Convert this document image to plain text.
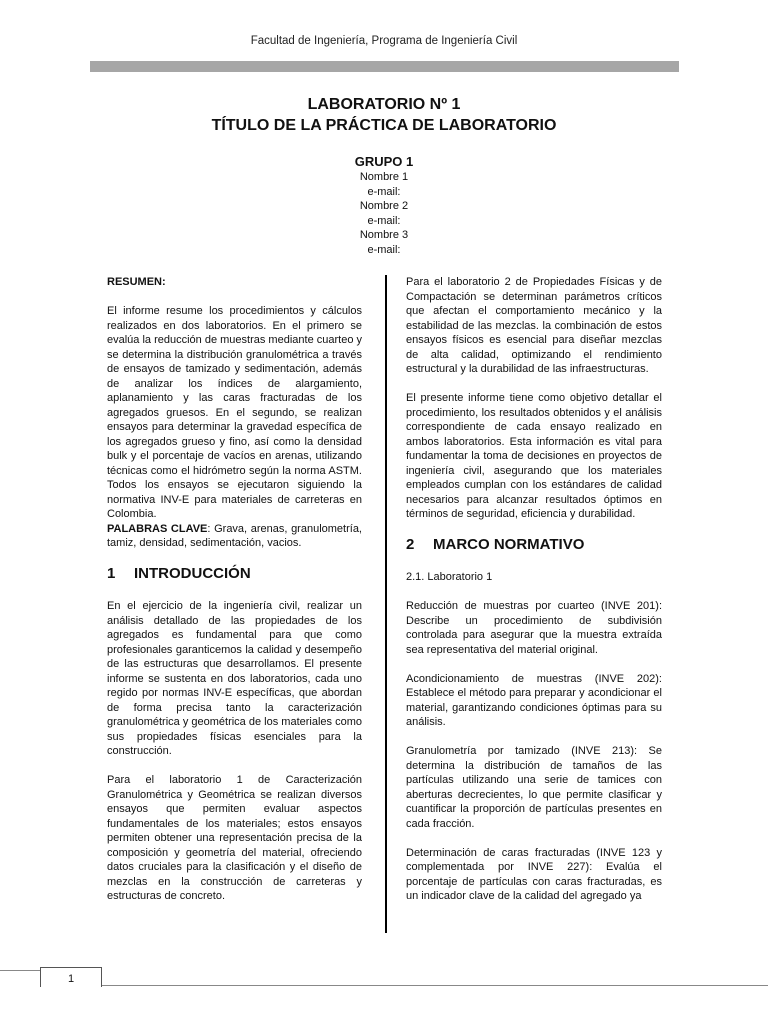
Facultad de Ingeniería, Programa de Ingeniería Civil
LABORATORIO Nº 1
TÍTULO DE LA PRÁCTICA DE LABORATORIO
GRUPO 1
Nombre 1
e-mail:
Nombre 2
e-mail:
Nombre 3
e-mail:

RESUMEN:

El informe resume los procedimientos y cálculos realizados en dos laboratorios. En el primero se evalúa la reducción de muestras mediante cuarteo y se determina la distribución granulométrica a través de ensayos de tamizado y sedimentación, además de analizar los índices de alargamiento, aplanamiento y las caras fracturadas de los agregados gruesos. En el segundo, se realizan ensayos para determinar la gravedad específica de los agregados grueso y fino, así como la densidad bulk y el porcentaje de vacíos en arenas, utilizando técnicas como el hidrómetro según la norma ASTM. Todos los ensayos se ejecutaron siguiendo la normativa INV-E para materiales de carreteras en Colombia.

PALABRAS CLAVE: Grava, arenas, granulometría, tamiz, densidad, sedimentación, vacios.

1 INTRODUCCIÓN

En el ejercicio de la ingeniería civil, realizar un análisis detallado de las propiedades de los agregados es fundamental para que como profesionales garanticemos la calidad y desempeño de las estructuras que desarrollamos. El presente informe se sustenta en dos laboratorios, cada uno regido por normas INV-E específicas, que abordan de forma precisa tanto la caracterización granulométrica y geométrica de los materiales como sus propiedades físicas esenciales para la construcción.

Para el laboratorio 1 de Caracterización Granulométrica y Geométrica se realizan diversos ensayos que permiten evaluar aspectos fundamentales de los materiales; estos ensayos permiten obtener una representación precisa de la composición y geometría del material, ofreciendo datos cruciales para la clasificación y el diseño de mezclas en la construcción de carreteras y estructuras de concreto.

Para el laboratorio 2 de Propiedades Físicas y de Compactación se determinan parámetros críticos que afectan el comportamiento mecánico y la estabilidad de las mezclas. la combinación de estos ensayos físicos es esencial para diseñar mezclas de alta calidad, optimizando el rendimiento estructural y la durabilidad de las infraestructuras.

El presente informe tiene como objetivo detallar el procedimiento, los resultados obtenidos y el análisis correspondiente de cada ensayo realizado en ambos laboratorios. Esta información es vital para fundamentar la toma de decisiones en proyectos de ingeniería civil, asegurando que los materiales empleados cumplan con los estándares de calidad necesarios para alcanzar resultados óptimos en términos de seguridad, eficiencia y durabilidad.

2 MARCO NORMATIVO

2.1. Laboratorio 1

Reducción de muestras por cuarteo (INVE 201): Describe un procedimiento de subdivisión controlada para asegurar que la muestra extraída sea representativa del material original.

Acondicionamiento de muestras (INVE 202): Establece el método para preparar y acondicionar el material, garantizando condiciones óptimas para su análisis.

Granulometría por tamizado (INVE 213): Se determina la distribución de tamaños de las partículas utilizando una serie de tamices con aberturas decrecientes, lo que permite clasificar y cuantificar la proporción de partículas presentes en cada fracción.

Determinación de caras fracturadas (INVE 123 y complementada por INVE 227): Evalúa el porcentaje de partículas con caras fracturadas, es un indicador clave de la calidad del agregado ya

1
